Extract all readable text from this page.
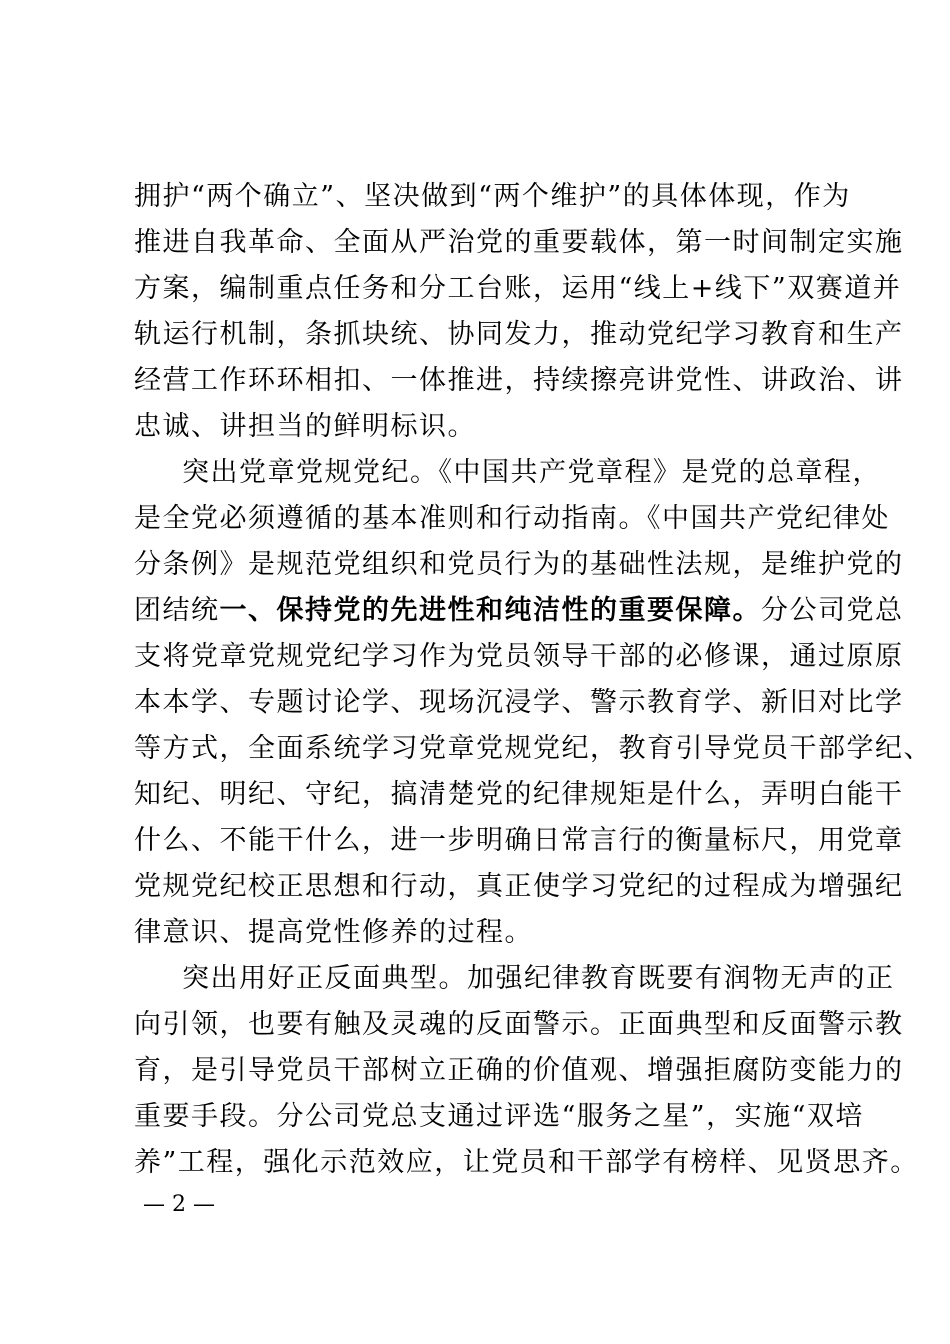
拥护“两个确立”、坚决做到“两个维护”的具体体现，作为
推进自我革命、全面从严治党的重要载体，第一时间制定实施
方案，编制重点任务和分工台账，运用“线上+线下”双赛道并
轨运行机制，条抓块统、协同发力，推动党纪学习教育和生产
经营工作环环相扣、一体推进，持续擦亮讲党性、讲政治、讲
忠诚、讲担当的鲜明标识。
突出党章党规党纪。《中国共产党章程》是党的总章程，
是全党必须遵循的基本准则和行动指南。《中国共产党纪律处
分条例》是规范党组织和党员行为的基础性法规，是维护党的
团结统一、保持党的先进性和纯洁性的重要保障。分公司党总
支将党章党规党纪学习作为党员领导干部的必修课，通过原原
本本学、专题讨论学、现场沉浸学、警示教育学、新旧对比学
等方式，全面系统学习党章党规党纪，教育引导党员干部学纪、
知纪、明纪、守纪，搞清楚党的纪律规矩是什么，弄明白能干
什么、不能干什么，进一步明确日常言行的衡量标尺，用党章
党规党纪校正思想和行动，真正使学习党纪的过程成为增强纪
律意识、提高党性修养的过程。
突出用好正反面典型。加强纪律教育既要有润物无声的正
向引领，也要有触及灵魂的反面警示。正面典型和反面警示教
育，是引导党员干部树立正确的价值观、增强拒腐防变能力的
重要手段。分公司党总支通过评选“服务之星”，实施“双培
养”工程，强化示范效应，让党员和干部学有榜样、见贤思齐。
— 2 —
